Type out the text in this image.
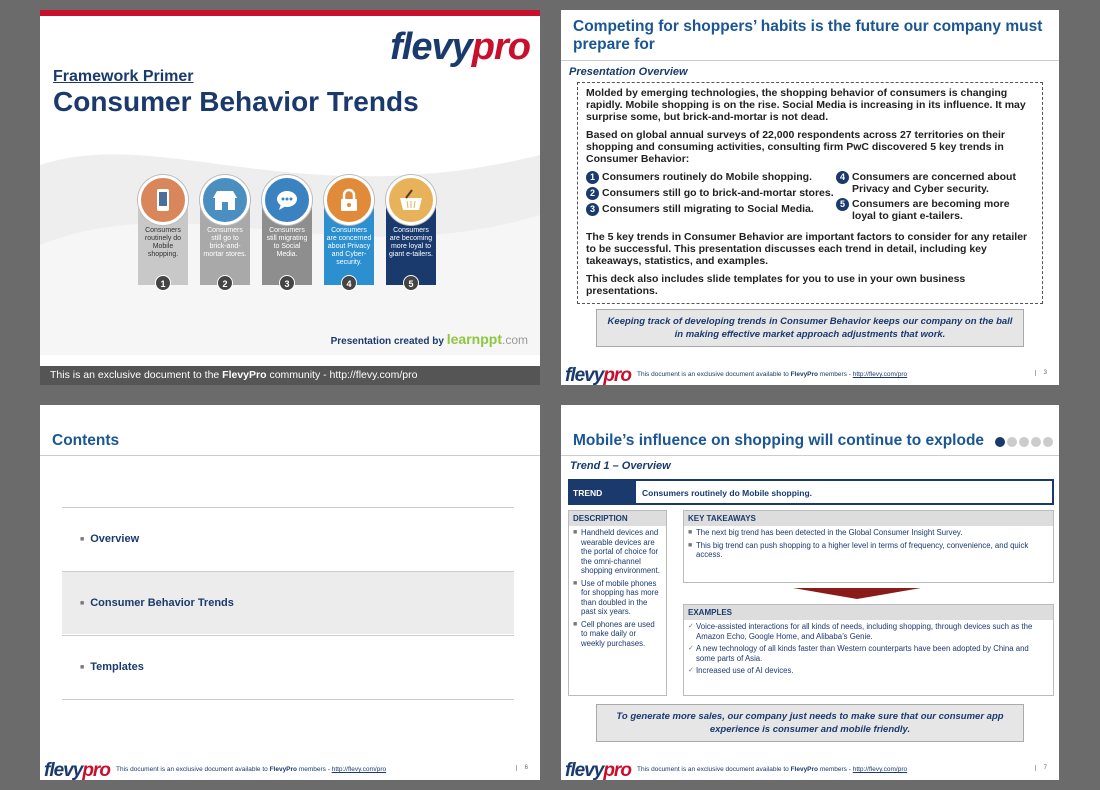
flevypro
Framework Primer
Consumer Behavior Trends
Consumers routinely do Mobile shopping.
1
Consumers still go to brick-and-mortar stores.
2
Consumers still migrating to Social Media.
3
Consumers are concerned about Privacy and Cyber-security.
4
Consumers are becoming more loyal to giant e-tailers.
5
Presentation created by learnppt.com
This is an exclusive document to the FlevyPro community - http://flevy.com/pro
Competing for shoppers’ habits is the future our company must prepare for
Presentation Overview

Molded by emerging technologies, the shopping behavior of consumers is changing rapidly. Mobile shopping is on the rise. Social Media is increasing in its influence. It may surprise some, but brick-and-mortar is not dead.

Based on global annual surveys of 22,000 respondents across 27 territories on their shopping and consuming activities, consulting firm PwC discovered 5 key trends in Consumer Behavior:

1 Consumers routinely do Mobile shopping.
2 Consumers still go to brick-and-mortar stores.
3 Consumers still migrating to Social Media.
4 Consumers are concerned about Privacy and Cyber security.
5 Consumers are becoming more loyal to giant e-tailers.

The 5 key trends in Consumer Behavior are important factors to consider for any retailer to be successful. This presentation discusses each trend in detail, including key takeaways, statistics, and examples.

This deck also includes slide templates for you to use in your own business presentations.

Keeping track of developing trends in Consumer Behavior keeps our company on the ball in making effective market approach adjustments that work.
flevypro This document is an exclusive document available to FlevyPro members - http://flevy.com/pro	3
Contents
■ Overview
■ Consumer Behavior Trends
■ Templates
flevypro This document is an exclusive document available to FlevyPro members - http://flevy.com/pro	6
Mobile’s influence on shopping will continue to explode
Trend 1 – Overview
TREND	Consumers routinely do Mobile shopping.
DESCRIPTION
■ Handheld devices and wearable devices are the portal of choice for the omni-channel shopping environment.
■ Use of mobile phones for shopping has more than doubled in the past six years.
■ Cell phones are used to make daily or weekly purchases.
KEY TAKEAWAYS
■ The next big trend has been detected in the Global Consumer Insight Survey.
■ This big trend can push shopping to a higher level in terms of frequency, convenience, and quick access.
EXAMPLES
✓ Voice-assisted interactions for all kinds of needs, including shopping, through devices such as the Amazon Echo, Google Home, and Alibaba’s Genie.
✓ A new technology of all kinds faster than Western counterparts have been adopted by China and some parts of Asia.
✓ Increased use of AI devices.
To generate more sales, our company just needs to make sure that our consumer app experience is consumer and mobile friendly.
flevypro This document is an exclusive document available to FlevyPro members - http://flevy.com/pro	7
